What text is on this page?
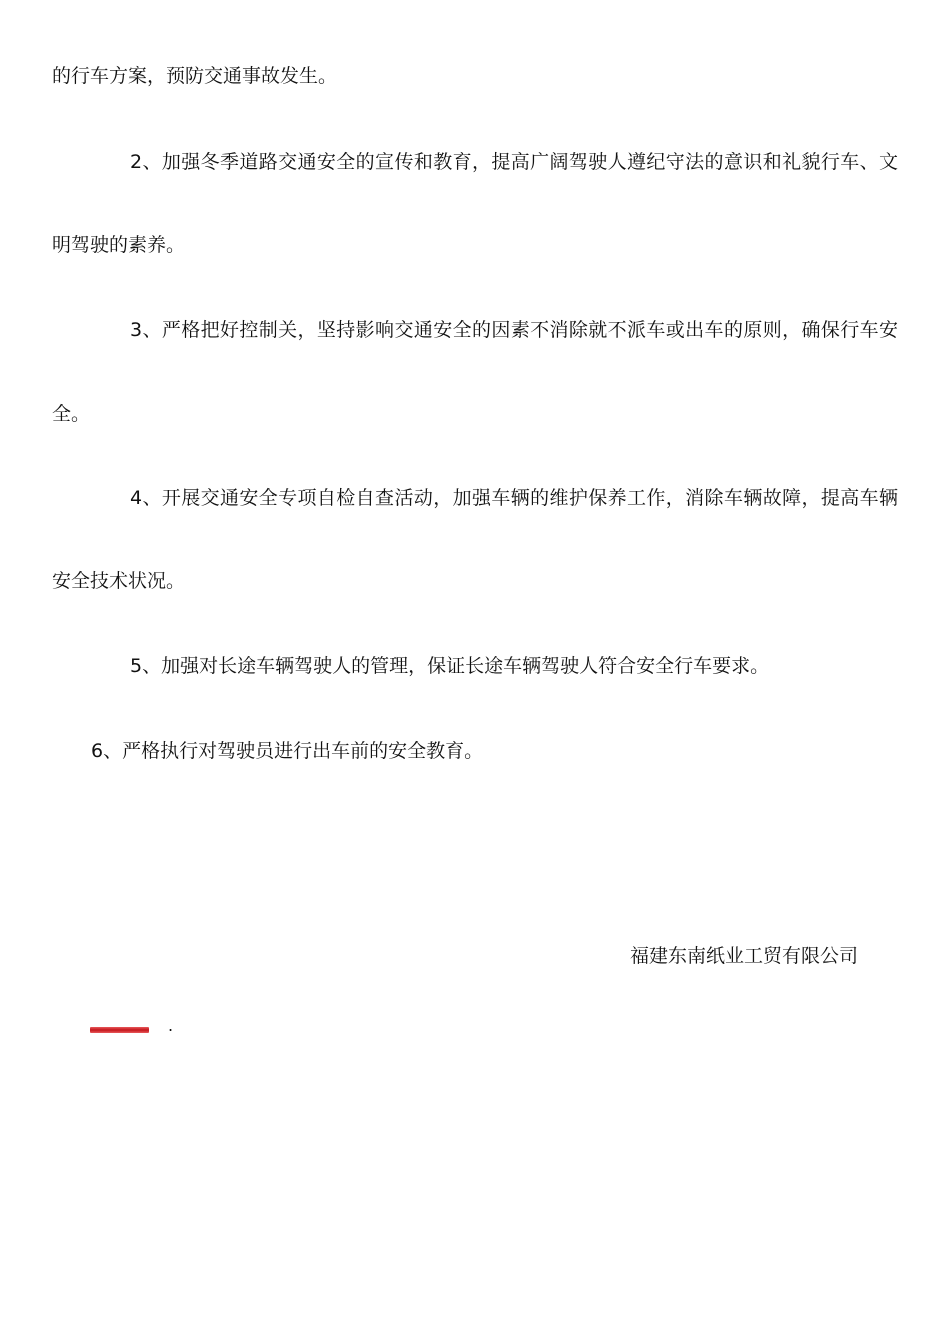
的行车方案，预防交通事故发生。
2、加强冬季道路交通安全的宣传和教育，提高广阔驾驶人遵纪守法的意识和礼貌行车、文
明驾驶的素养。
3、严格把好控制关，坚持影响交通安全的因素不消除就不派车或出车的原则，确保行车安
全。
4、开展交通安全专项自检自查活动，加强车辆的维护保养工作，消除车辆故障，提高车辆
安全技术状况。
5、加强对长途车辆驾驶人的管理，保证长途车辆驾驶人符合安全行车要求。
6、严格执行对驾驶员进行出车前的安全教育。
福建东南纸业工贸有限公司
.
